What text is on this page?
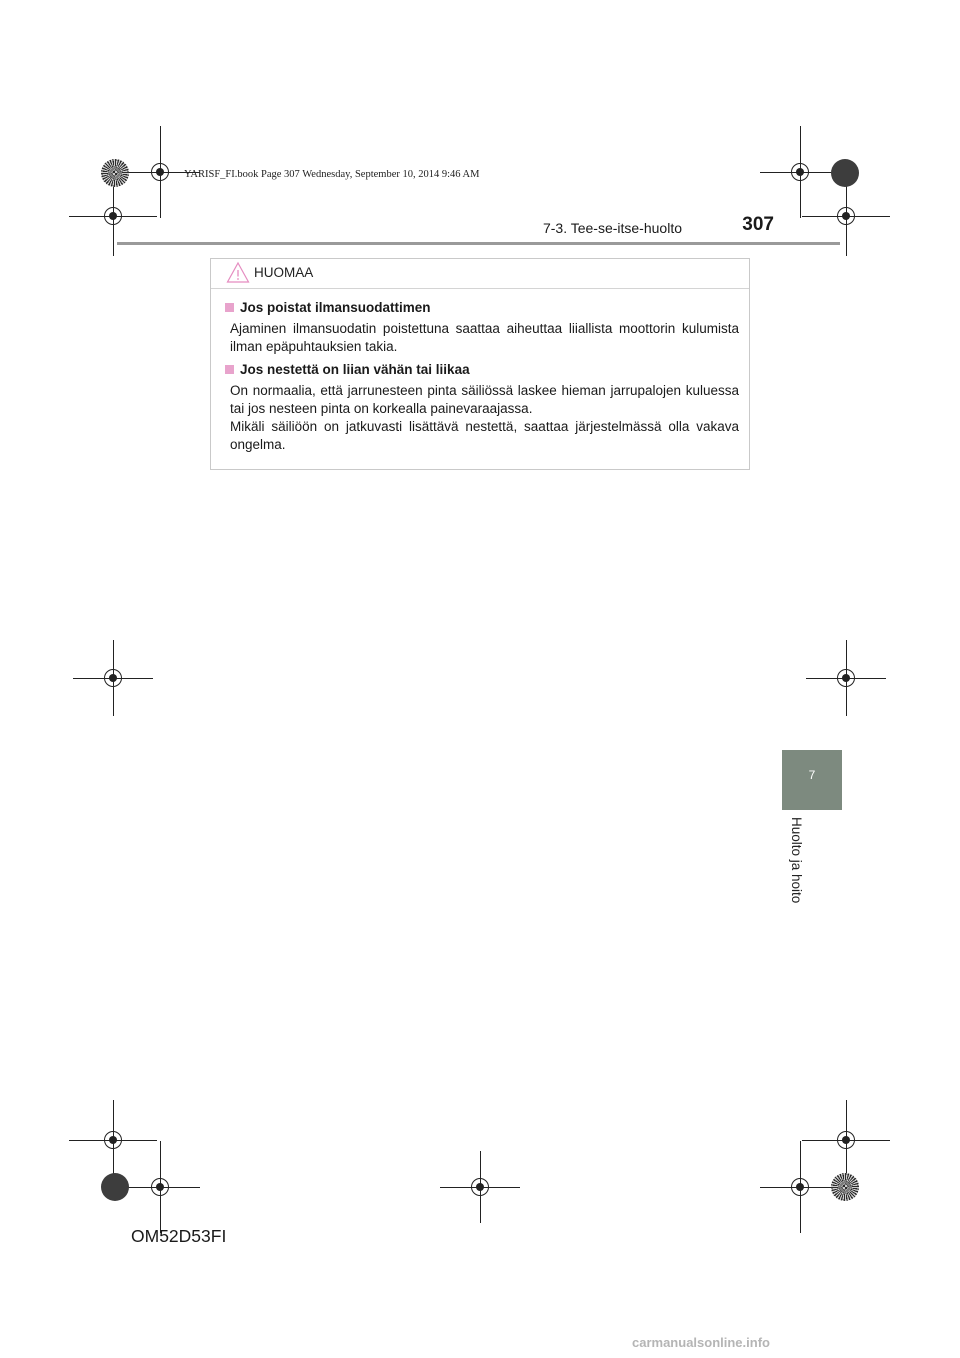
YARISF_FI.book Page 307 Wednesday, September 10, 2014 9:46 AM
7-3. Tee-se-itse-huolto	307
7
Huolto ja hoito
HUOMAA
Jos poistat ilmansuodattimen
Ajaminen ilmansuodatin poistettuna saattaa aiheuttaa liiallista moottorin kulumista ilman epäpuhtauksien takia.
Jos nestettä on liian vähän tai liikaa
On normaalia, että jarrunesteen pinta säiliössä laskee hieman jarrupalojen kuluessa tai jos nesteen pinta on korkealla painevaraajassa.
Mikäli säiliöön on jatkuvasti lisättävä nestettä, saattaa järjestelmässä olla vakava ongelma.
OM52D53FI
carmanualsonline.info
